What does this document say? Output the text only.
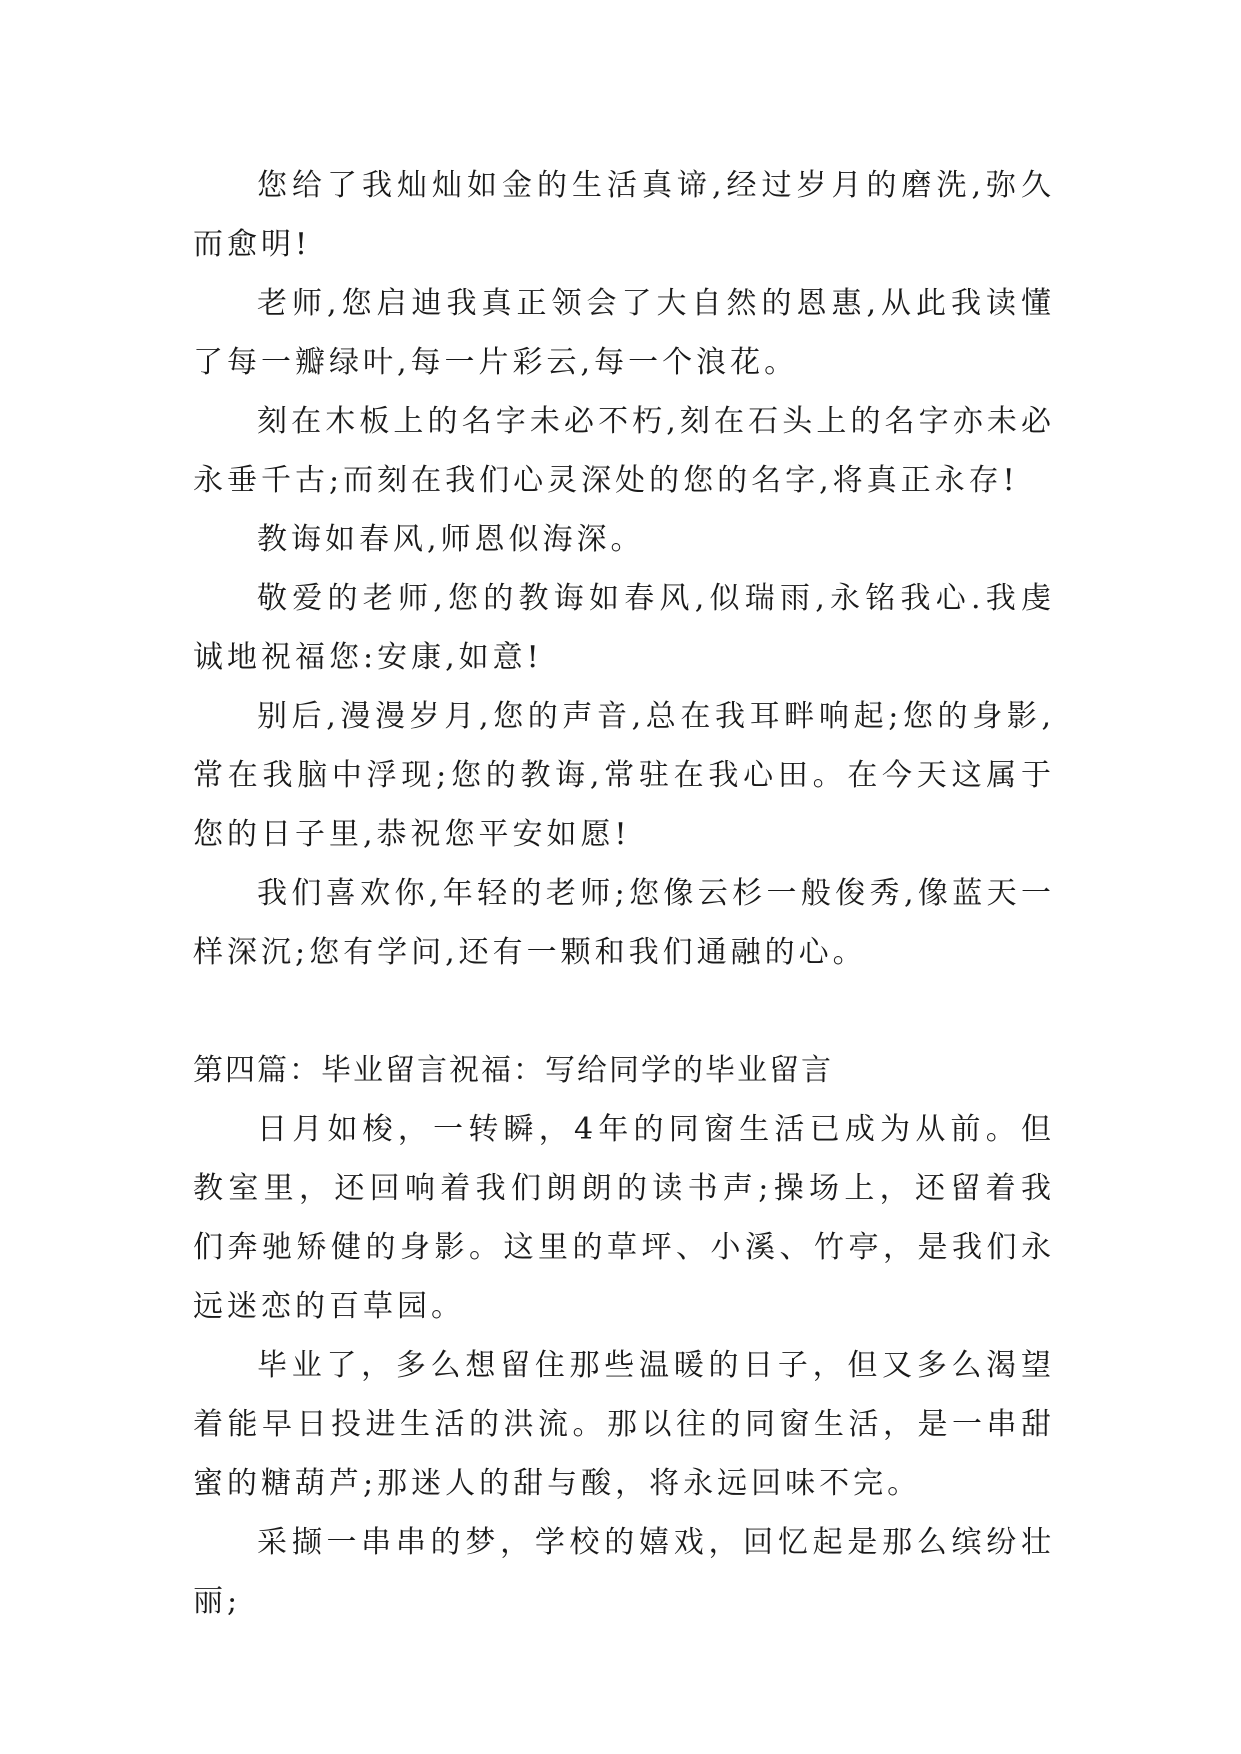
您给了我灿灿如金的生活真谛,经过岁月的磨洗,弥久而愈明!

老师,您启迪我真正领会了大自然的恩惠,从此我读懂了每一瓣绿叶,每一片彩云,每一个浪花。

刻在木板上的名字未必不朽,刻在石头上的名字亦未必永垂千古;而刻在我们心灵深处的您的名字,将真正永存!

教诲如春风,师恩似海深。

敬爱的老师,您的教诲如春风,似瑞雨,永铭我心.我虔诚地祝福您:安康,如意!

别后,漫漫岁月,您的声音,总在我耳畔响起;您的身影,常在我脑中浮现;您的教诲,常驻在我心田。在今天这属于您的日子里,恭祝您平安如愿!

我们喜欢你,年轻的老师;您像云杉一般俊秀,像蓝天一样深沉;您有学问,还有一颗和我们通融的心。

第四篇：毕业留言祝福：写给同学的毕业留言

日月如梭，一转瞬，4年的同窗生活已成为从前。但教室里，还回响着我们朗朗的读书声;操场上，还留着我们奔驰矫健的身影。这里的草坪、小溪、竹亭，是我们永远迷恋的百草园。

毕业了，多么想留住那些温暖的日子，但又多么渴望着能早日投进生活的洪流。那以往的同窗生活，是一串甜蜜的糖葫芦;那迷人的甜与酸，将永远回味不完。

采撷一串串的梦，学校的嬉戏，回忆起是那么缤纷壮丽;
